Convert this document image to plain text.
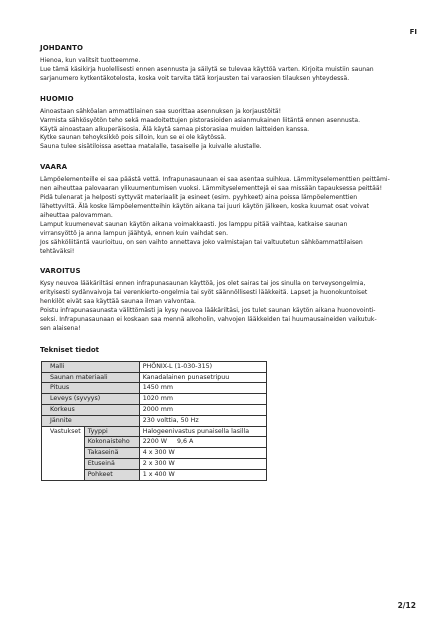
FI
JOHDANTO

Hienoa, kun valitsit tuotteemme.

Lue tämä käsikirja huolellisesti ennen asennusta ja säilytä se tulevaa käyttöä varten. Kirjoita muistiin saunan

sarjanumero kytkentäkotelosta, koska voit tarvita tätä korjausten tai varaosien tilauksen yhteydessä.

HUOMIO

Ainoastaan sähköalan ammattilainen saa suorittaa asennuksen ja korjaustöitä!

Varmista sähkösyötön teho sekä maadoitettujen pistorasioiden asianmukainen liitäntä ennen asennusta.

Käytä ainoastaan alkuperäisosia. Älä käytä samaa pistorasiaa muiden laitteiden kanssa.

Kytke saunan tehoyksikkö pois silloin, kun se ei ole käytössä.

Sauna tulee sisätiloissa asettaa matalalle, tasaiselle ja kuivalle alustalle.

VAARA

Lämpöelementeille ei saa päästä vettä. Infrapunasaunaan ei saa asentaa suihkua. Lämmityselementtien peittämi-

nen aiheuttaa palovaaran ylikuumentumisen vuoksi. Lämmityselementtejä ei saa missään tapauksessa peittää!

Pidä tulenarat ja helposti syttyvät materiaalit ja esineet (esim. pyyhkeet) aina poissa lämpöelementtien

lähettyviltä. Älä koske lämpöelementteihin käytön aikana tai juuri käytön jälkeen, koska kuumat osat voivat

aiheuttaa palovamman.

Lamput kuumenevat saunan käytön aikana voimakkaasti. Jos lamppu pitää vaihtaa, katkaise saunan

virransyöttö ja anna lampun jäähtyä, ennen kuin vaihdat sen.

Jos sähköliitäntä vaurioituu, on sen vaihto annettava joko valmistajan tai valtuutetun sähköammattilaisen

tehtäväksi!

VAROITUS

Kysy neuvoa lääkäriltäsi ennen infrapunasaunan käyttöä, jos olet sairas tai jos sinulla on terveysongelmia,

erityisesti sydänvaivoja tai verenkierto-ongelmia tai syöt säännöllisesti lääkkeitä. Lapset ja huonokuntoiset

henkilöt eivät saa käyttää saunaa ilman valvontaa.

Poistu infrapunasaunasta välittömästi ja kysy neuvoa lääkäriltäsi, jos tulet saunan käytön aikana huonovointi-

seksi. Infrapunasaunaan ei koskaan saa mennä alkoholin, vahvojen lääkkeiden tai huumausaineiden vaikutuk-

sen alaisena!

Tekniset tiedot
Malli		PHÖNIX-L (1-030-315)
Saunan materiaali		Kanadalainen punasetripuu
Pituus		1450 mm
Leveys (syvyys)		1020 mm
Korkeus		2000 mm
Jännite		230 volttia, 50 Hz
Vastukset	Tyyppi	Halogeenivastus punaisella lasilla
	Kokonaisteho	2200 W     9,6 A
	Takaseinä	4 x 300 W
	Etuseinä	2 x 300 W
	Pohkeet	1 x 400 W
2/12
